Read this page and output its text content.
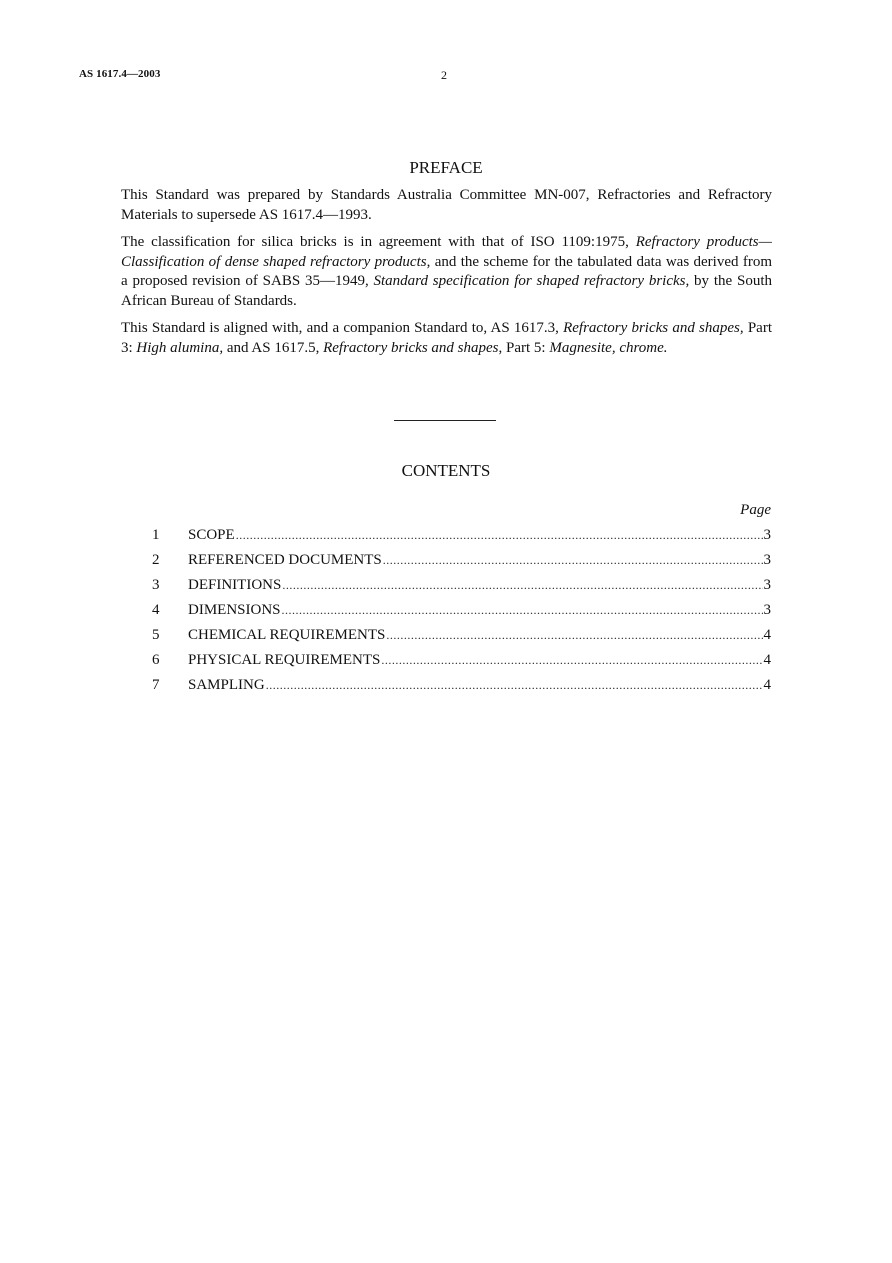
AS 1617.4—2003	2
PREFACE

This Standard was prepared by Standards Australia Committee MN-007, Refractories and Refractory Materials to supersede AS 1617.4—1993.

The classification for silica bricks is in agreement with that of ISO 1109:1975, Refractory products—Classification of dense shaped refractory products, and the scheme for the tabulated data was derived from a proposed revision of SABS 35—1949, Standard specification for shaped refractory bricks, by the South African Bureau of Standards.

This Standard is aligned with, and a companion Standard to, AS 1617.3, Refractory bricks and shapes, Part 3: High alumina, and AS 1617.5, Refractory bricks and shapes, Part 5: Magnesite, chrome.

CONTENTS
Page
1	SCOPE .....	3
2	REFERENCED DOCUMENTS .....	3
3	DEFINITIONS .....	3
4	DIMENSIONS .....	3
5	CHEMICAL REQUIREMENTS .....	4
6	PHYSICAL REQUIREMENTS .....	4
7	SAMPLING .....	4
